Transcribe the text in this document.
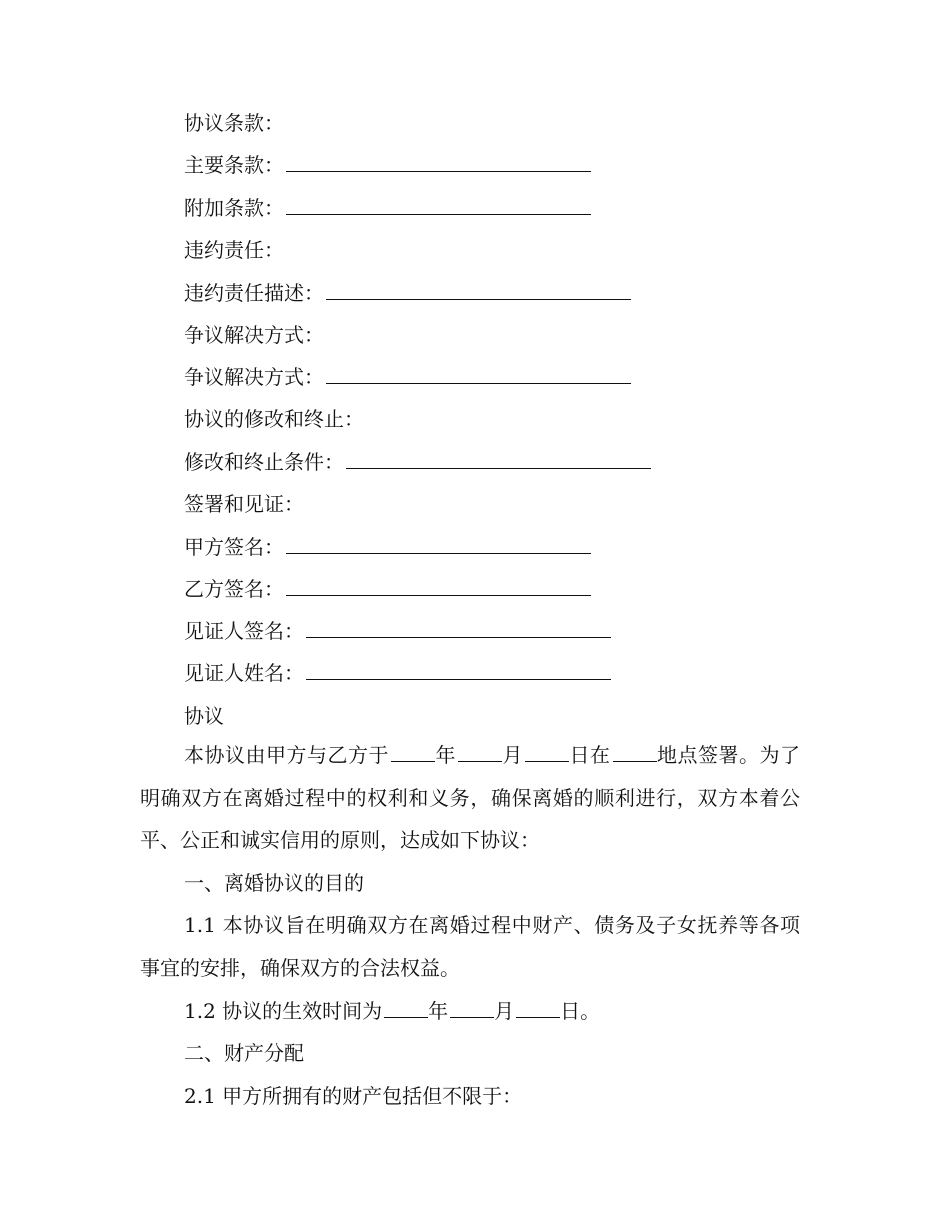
协议条款：
主要条款：
附加条款：
违约责任：
违约责任描述：
争议解决方式：
争议解决方式：
协议的修改和终止：
修改和终止条件：
签署和见证：
甲方签名：
乙方签名：
见证人签名：
见证人姓名：
协议
本协议由甲方与乙方于 年 月 日在 地点签署。为了明确双方在离婚过程中的权利和义务，确保离婚的顺利进行，双方本着公平、公正和诚实信用的原则，达成如下协议：
一、离婚协议的目的
1.1 本协议旨在明确双方在离婚过程中财产、债务及子女抚养等各项事宜的安排，确保双方的合法权益。
1.2 协议的生效时间为 年 月 日。
二、财产分配
2.1 甲方所拥有的财产包括但不限于：
